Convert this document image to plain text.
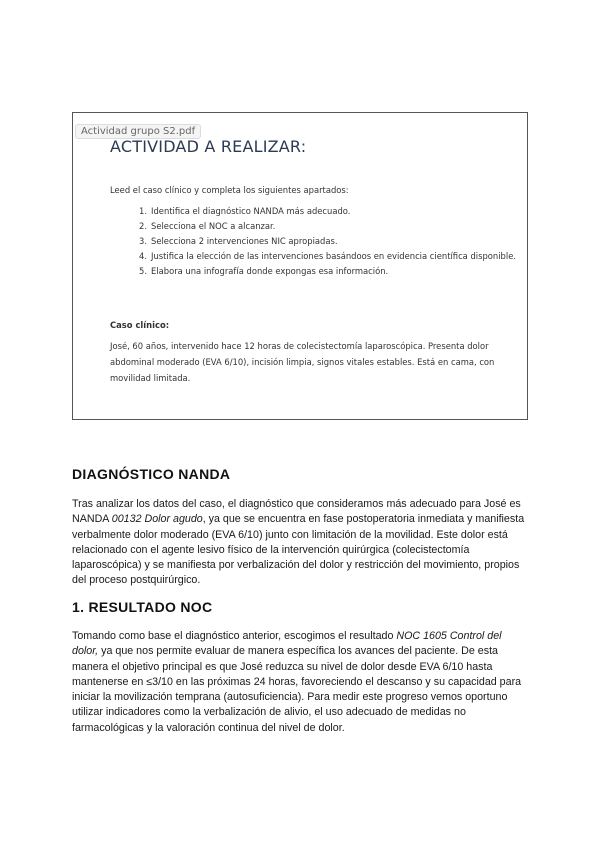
Actividad grupo S2.pdf
ACTIVIDAD A REALIZAR:
Leed el caso clínico y completa los siguientes apartados:
1. Identifica el diagnóstico NANDA más adecuado.
2. Selecciona el NOC a alcanzar.
3. Selecciona 2 intervenciones NIC apropiadas.
4. Justifica la elección de las intervenciones basándoos en evidencia científica disponible.
5. Elabora una infografía donde expongas esa información.
Caso clínico:
José, 60 años, intervenido hace 12 horas de colecistectomía laparoscópica. Presenta dolor abdominal moderado (EVA 6/10), incisión limpia, signos vitales estables. Está en cama, con movilidad limitada.
DIAGNÓSTICO NANDA

Tras analizar los datos del caso, el diagnóstico que consideramos más adecuado para José es NANDA 00132 Dolor agudo, ya que se encuentra en fase postoperatoria inmediata y manifiesta verbalmente dolor moderado (EVA 6/10) junto con limitación de la movilidad. Este dolor está relacionado con el agente lesivo físico de la intervención quirúrgica (colecistectomía laparoscópica) y se manifiesta por verbalización del dolor y restricción del movimiento, propios del proceso postquirúrgico.

1. RESULTADO NOC

Tomando como base el diagnóstico anterior, escogimos el resultado NOC 1605 Control del dolor, ya que nos permite evaluar de manera específica los avances del paciente. De esta manera el objetivo principal es que José reduzca su nivel de dolor desde EVA 6/10 hasta mantenerse en ≤3/10 en las próximas 24 horas, favoreciendo el descanso y su capacidad para iniciar la movilización temprana (autosuficiencia). Para medir este progreso vemos oportuno utilizar indicadores como la verbalización de alivio, el uso adecuado de medidas no farmacológicas y la valoración continua del nivel de dolor.
